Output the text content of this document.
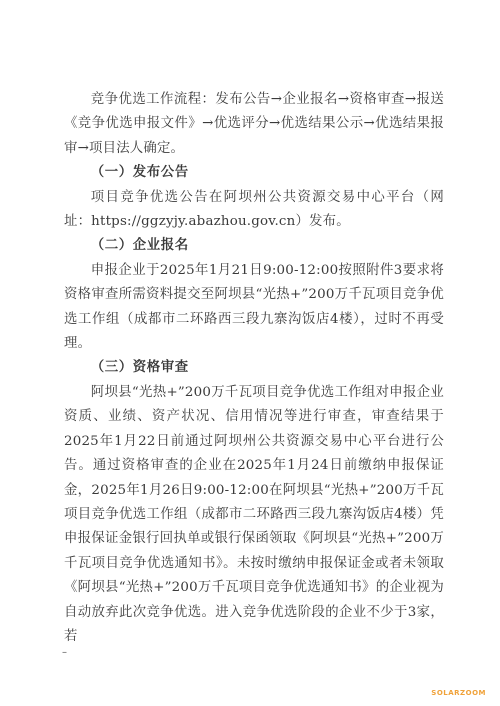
竞争优选工作流程：发布公告→企业报名→资格审查→报送《竞争优选申报文件》→优选评分→优选结果公示→优选结果报审→项目法人确定。

（一）发布公告

项目竞争优选公告在阿坝州公共资源交易中心平台（网址：https://ggzyjy.abazhou.gov.cn）发布。

（二）企业报名

申报企业于2025年1月21日9:00-12:00按照附件3要求将资格审查所需资料提交至阿坝县“光热+”200万千瓦项目竞争优选工作组（成都市二环路西三段九寨沟饭店4楼），过时不再受理。

（三）资格审查

阿坝县“光热+”200万千瓦项目竞争优选工作组对申报企业资质、业绩、资产状况、信用情况等进行审查，审查结果于2025年1月22日前通过阿坝州公共资源交易中心平台进行公告。通过资格审查的企业在2025年1月24日前缴纳申报保证金，2025年1月26日9:00-12:00在阿坝县“光热+”200万千瓦项目竞争优选工作组（成都市二环路西三段九寨沟饭店4楼）凭申报保证金银行回执单或银行保函领取《阿坝县“光热+”200万千瓦项目竞争优选通知书》。未按时缴纳申报保证金或者未领取《阿坝县“光热+”200万千瓦项目竞争优选通知书》的企业视为自动放弃此次竞争优选。进入竞争优选阶段的企业不少于3家，若

–
SOLARZOOM
